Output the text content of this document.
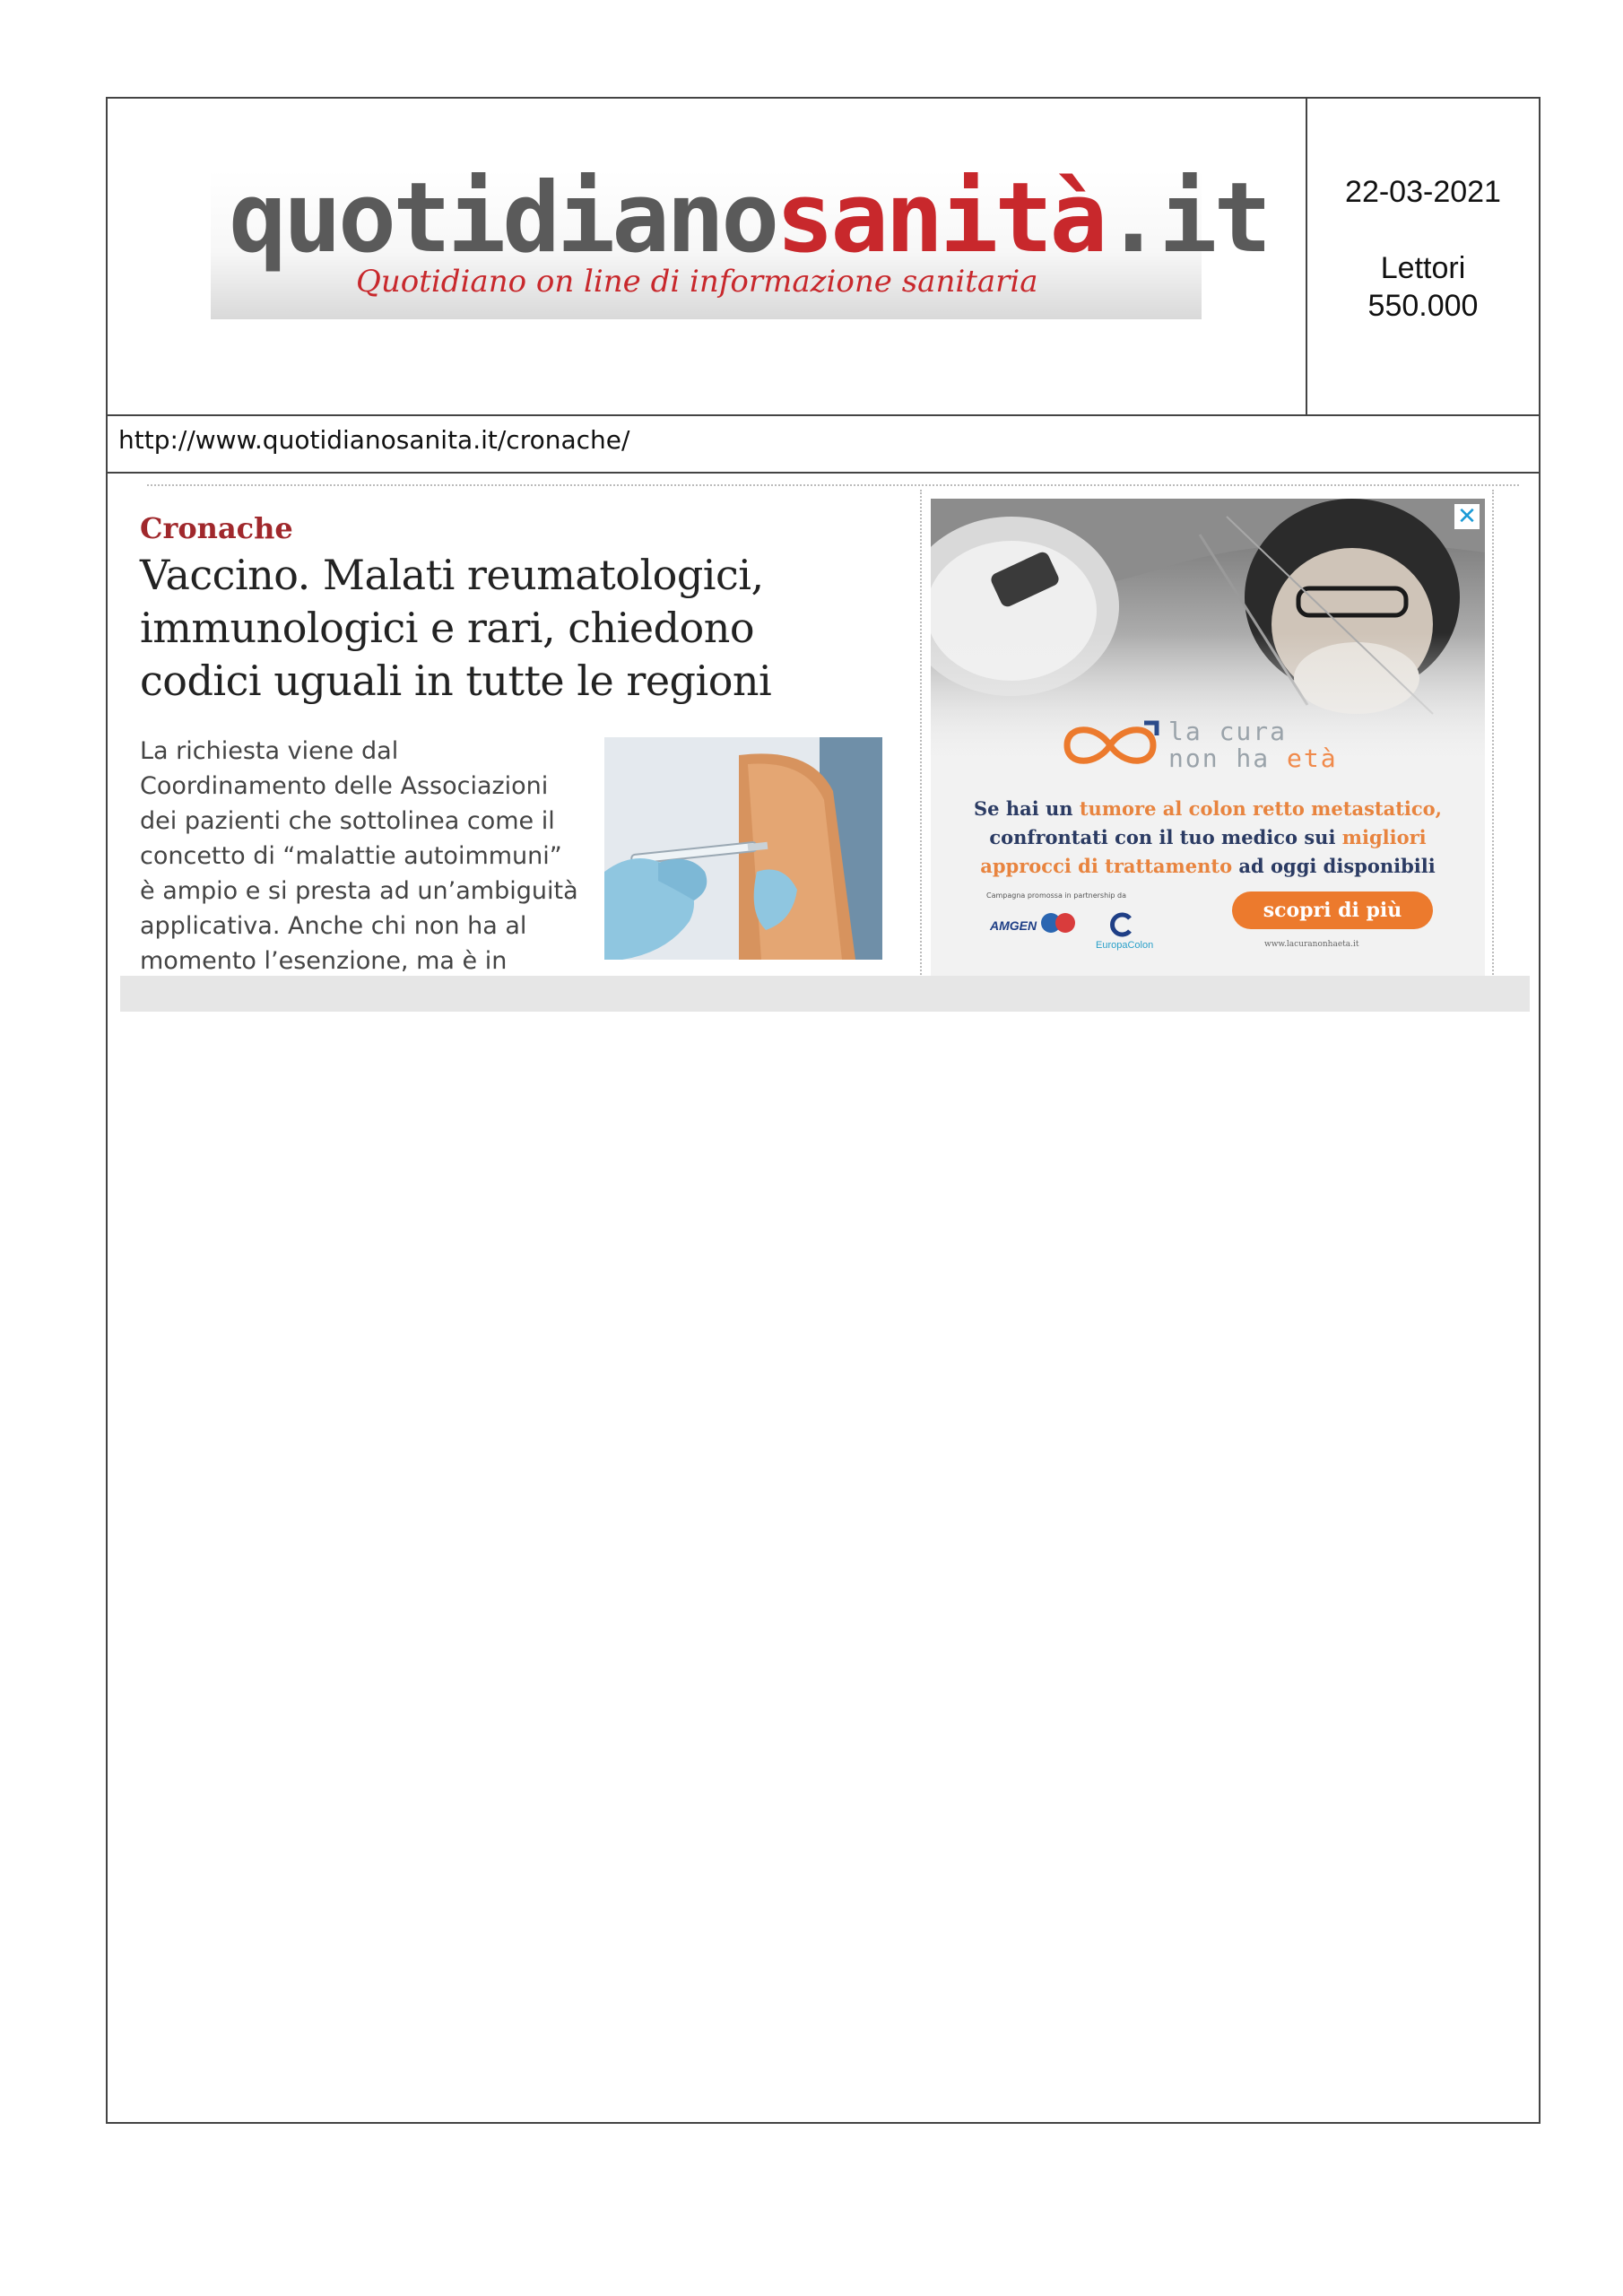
quotidianosanità.it
Quotidiano on line di informazione sanitaria
22-03-2021
Lettori
550.000
http://www.quotidianosanita.it/cronache/
Cronache
Vaccino. Malati reumatologici, immunologici e rari, chiedono codici uguali in tutte le regioni
La richiesta viene dal Coordinamento delle Associazioni dei pazienti che sottolinea come il concetto di “malattie autoimmuni” è ampio e si presta ad un’ambiguità applicativa. Anche chi non ha al momento l’esenzione, ma è in
✕
la cura
non ha età
Se hai un tumore al colon retto metastatico,
confrontati con il tuo medico sui migliori
approcci di trattamento ad oggi disponibili
Campagna promossa in partnership da
AMGEN
EuropaColon
scopri di più
www.lacuranonhaeta.it
